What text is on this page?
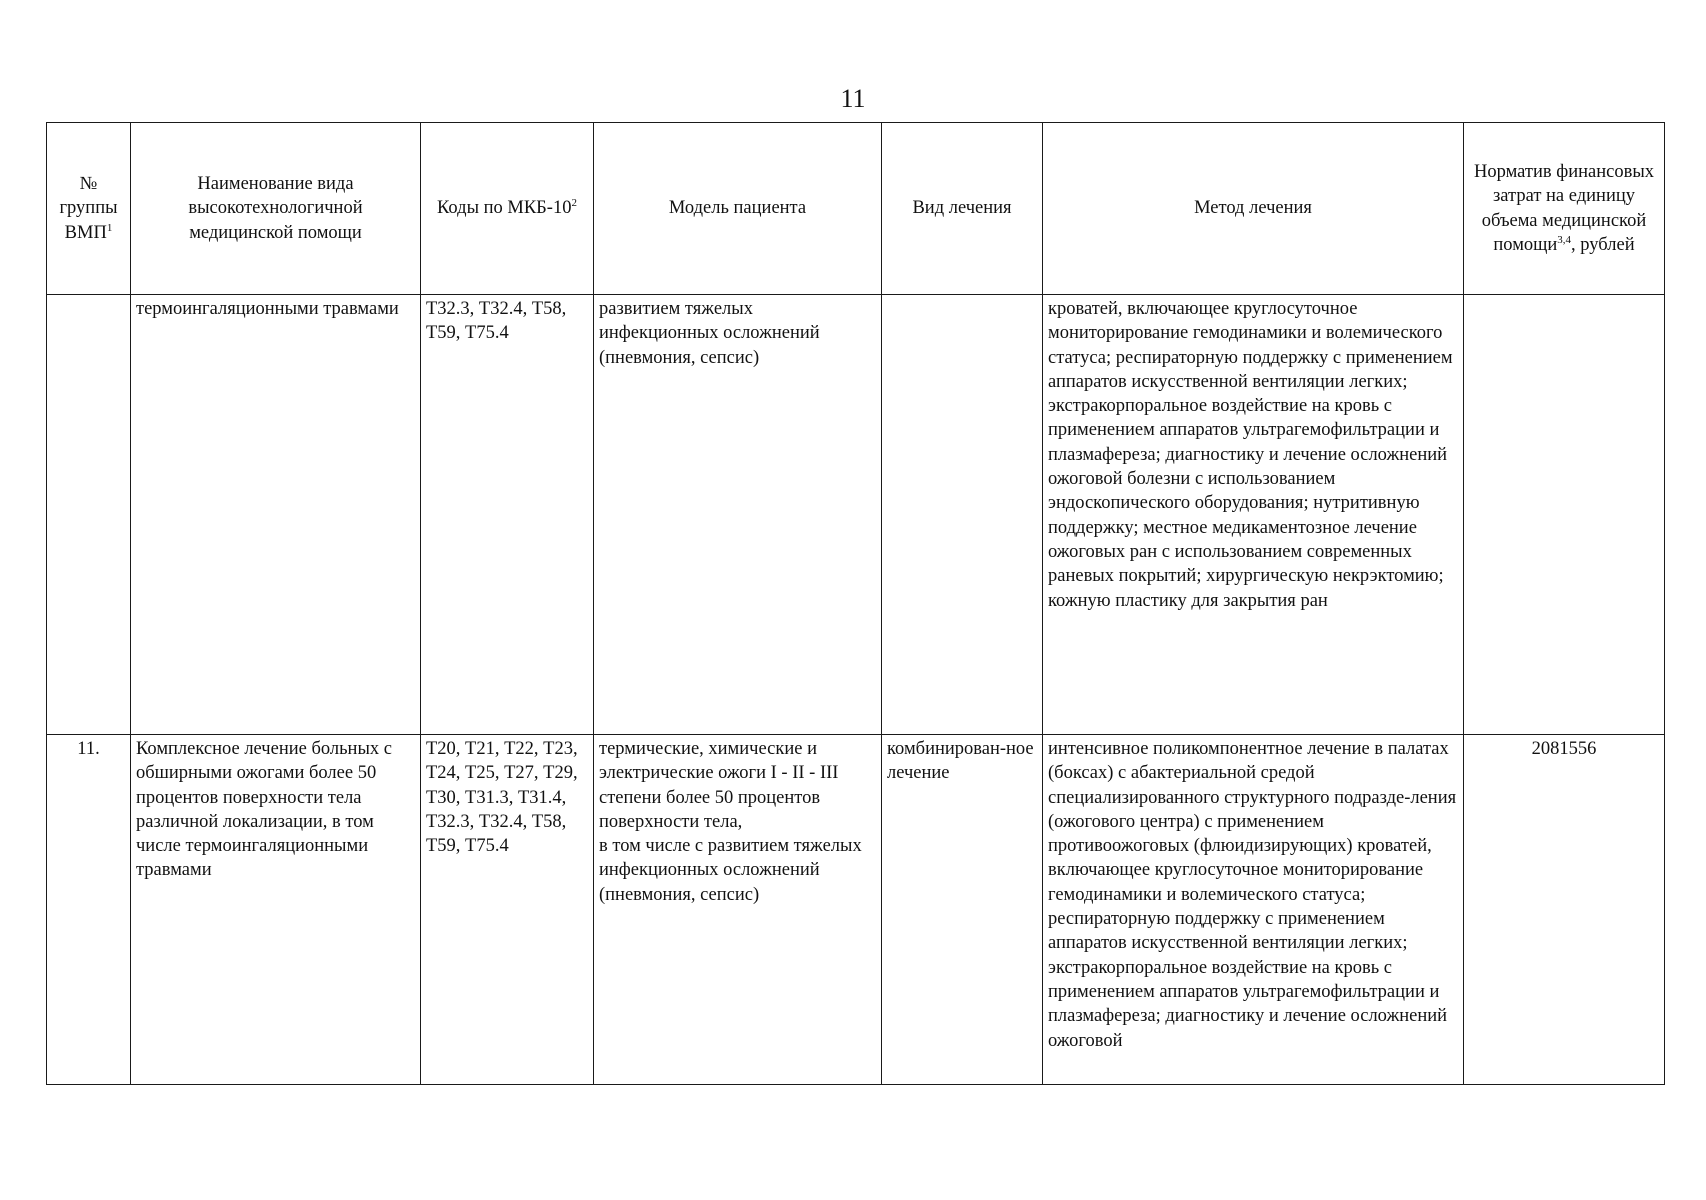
11
№ группы ВМП$^1$	Наименование вида высокотехнологичной медицинской помощи	Коды по МКБ-$10^2$	Модель пациента	Вид лечения	Метод лечения	Норматив финансовых затрат на единицу объема медицинской помощи$^{3,4}$, рублей
	термоингаляционными травмами	Т32.3, Т32.4, Т58, Т59, Т75.4	развитием тяжелых инфекционных осложнений (пневмония, сепсис)		кроватей, включающее круглосуточное мониторирование гемодинамики и волемического статуса; респираторную поддержку с применением аппаратов искусственной вентиляции легких; экстракорпоральное воздействие на кровь с применением аппаратов ультрагемофильтрации и плазмафереза; диагностику и лечение осложнений ожоговой болезни с использованием эндоскопического оборудования; нутритивную поддержку; местное медикаментозное лечение ожоговых ран с использованием современных раневых покрытий; хирургическую некрэктомию; кожную пластику для закрытия ран	
11.	Комплексное лечение больных с обширными ожогами более 50 процентов поверхности тела различной локализации, в том числе термоингаляционными травмами	Т20, Т21, Т22, Т23, Т24, Т25, Т27, Т29, Т30, Т31.3, Т31.4, Т32.3, Т32.4, Т58, Т59, Т75.4	термические, химические и электрические ожоги I - II - III степени более 50 процентов поверхности тела,
в том числе с развитием тяжелых инфекционных осложнений (пневмония, сепсис)	комбинирован-ное лечение	интенсивное поликомпонентное лечение в палатах (боксах) с абактериальной средой специализированного структурного подразде-ления (ожогового центра) с применением противоожоговых (флюидизирующих) кроватей, включающее круглосуточное мониторирование гемодинамики и волемического статуса; респираторную поддержку с применением аппаратов искусственной вентиляции легких; экстракорпоральное воздействие на кровь с применением аппаратов ультрагемофильтрации и плазмафереза; диагностику и лечение осложнений ожоговой	2081556
